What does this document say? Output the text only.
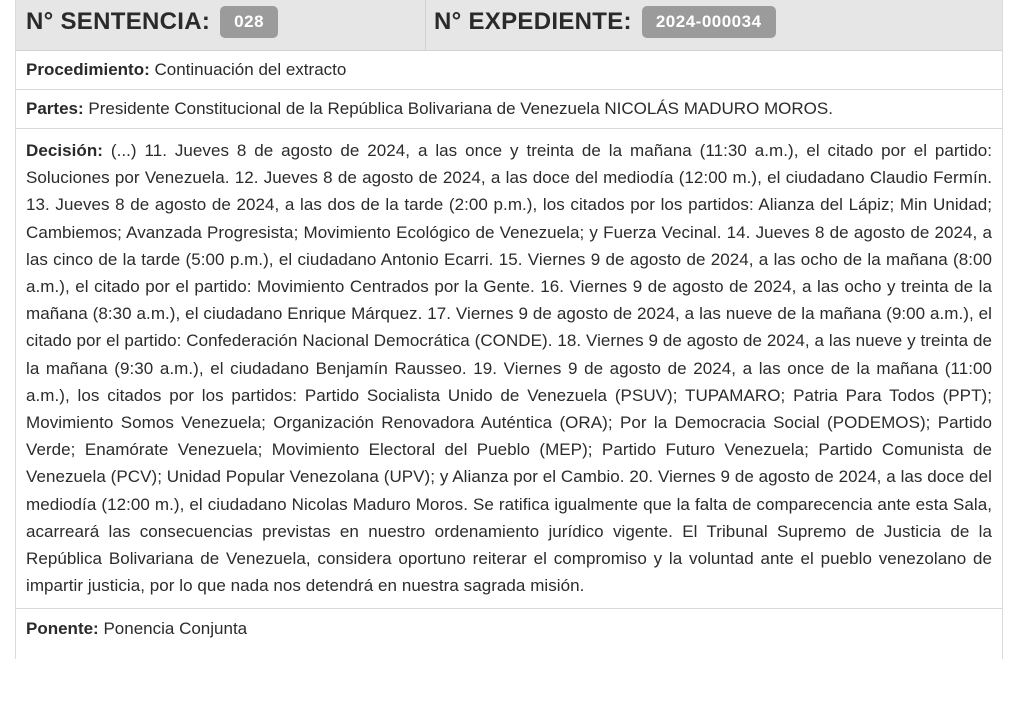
N° SENTENCIA:	028	N° EXPEDIENTE:	2024-000034
Procedimiento:
Continuación del extracto
Partes:
Presidente Constitucional de la República Bolivariana de Venezuela NICOLÁS MADURO MOROS.

Decisión: (...) 11. Jueves 8 de agosto de 2024, a las once y treinta de la mañana (11:30 a.m.), el citado por el partido: Soluciones por Venezuela. 12. Jueves 8 de agosto de 2024, a las doce del mediodía (12:00 m.), el ciudadano Claudio Fermín. 13. Jueves 8 de agosto de 2024, a las dos de la tarde (2:00 p.m.), los citados por los partidos: Alianza del Lápiz; Min Unidad; Cambiemos; Avanzada Progresista; Movimiento Ecológico de Venezuela; y Fuerza Vecinal. 14. Jueves 8 de agosto de 2024, a las cinco de la tarde (5:00 p.m.), el ciudadano Antonio Ecarri. 15. Viernes 9 de agosto de 2024, a las ocho de la mañana (8:00 a.m.), el citado por el partido: Movimiento Centrados por la Gente. 16. Viernes 9 de agosto de 2024, a las ocho y treinta de la mañana (8:30 a.m.), el ciudadano Enrique Márquez. 17. Viernes 9 de agosto de 2024, a las nueve de la mañana (9:00 a.m.), el citado por el partido: Confederación Nacional Democrática (CONDE). 18. Viernes 9 de agosto de 2024, a las nueve y treinta de la mañana (9:30 a.m.), el ciudadano Benjamín Rausseo. 19. Viernes 9 de agosto de 2024, a las once de la mañana (11:00 a.m.), los citados por los partidos: Partido Socialista Unido de Venezuela (PSUV); TUPAMARO; Patria Para Todos (PPT); Movimiento Somos Venezuela; Organización Renovadora Auténtica (ORA); Por la Democracia Social (PODEMOS); Partido Verde; Enamórate Venezuela; Movimiento Electoral del Pueblo (MEP); Partido Futuro Venezuela; Partido Comunista de Venezuela (PCV); Unidad Popular Venezolana (UPV); y Alianza por el Cambio. 20. Viernes 9 de agosto de 2024, a las doce del mediodía (12:00 m.), el ciudadano Nicolas Maduro Moros. Se ratifica igualmente que la falta de comparecencia ante esta Sala, acarreará las consecuencias previstas en nuestro ordenamiento jurídico vigente. El Tribunal Supremo de Justicia de la República Bolivariana de Venezuela, considera oportuno reiterar el compromiso y la voluntad ante el pueblo venezolano de impartir justicia, por lo que nada nos detendrá en nuestra sagrada misión.

Ponente: Ponencia Conjunta
